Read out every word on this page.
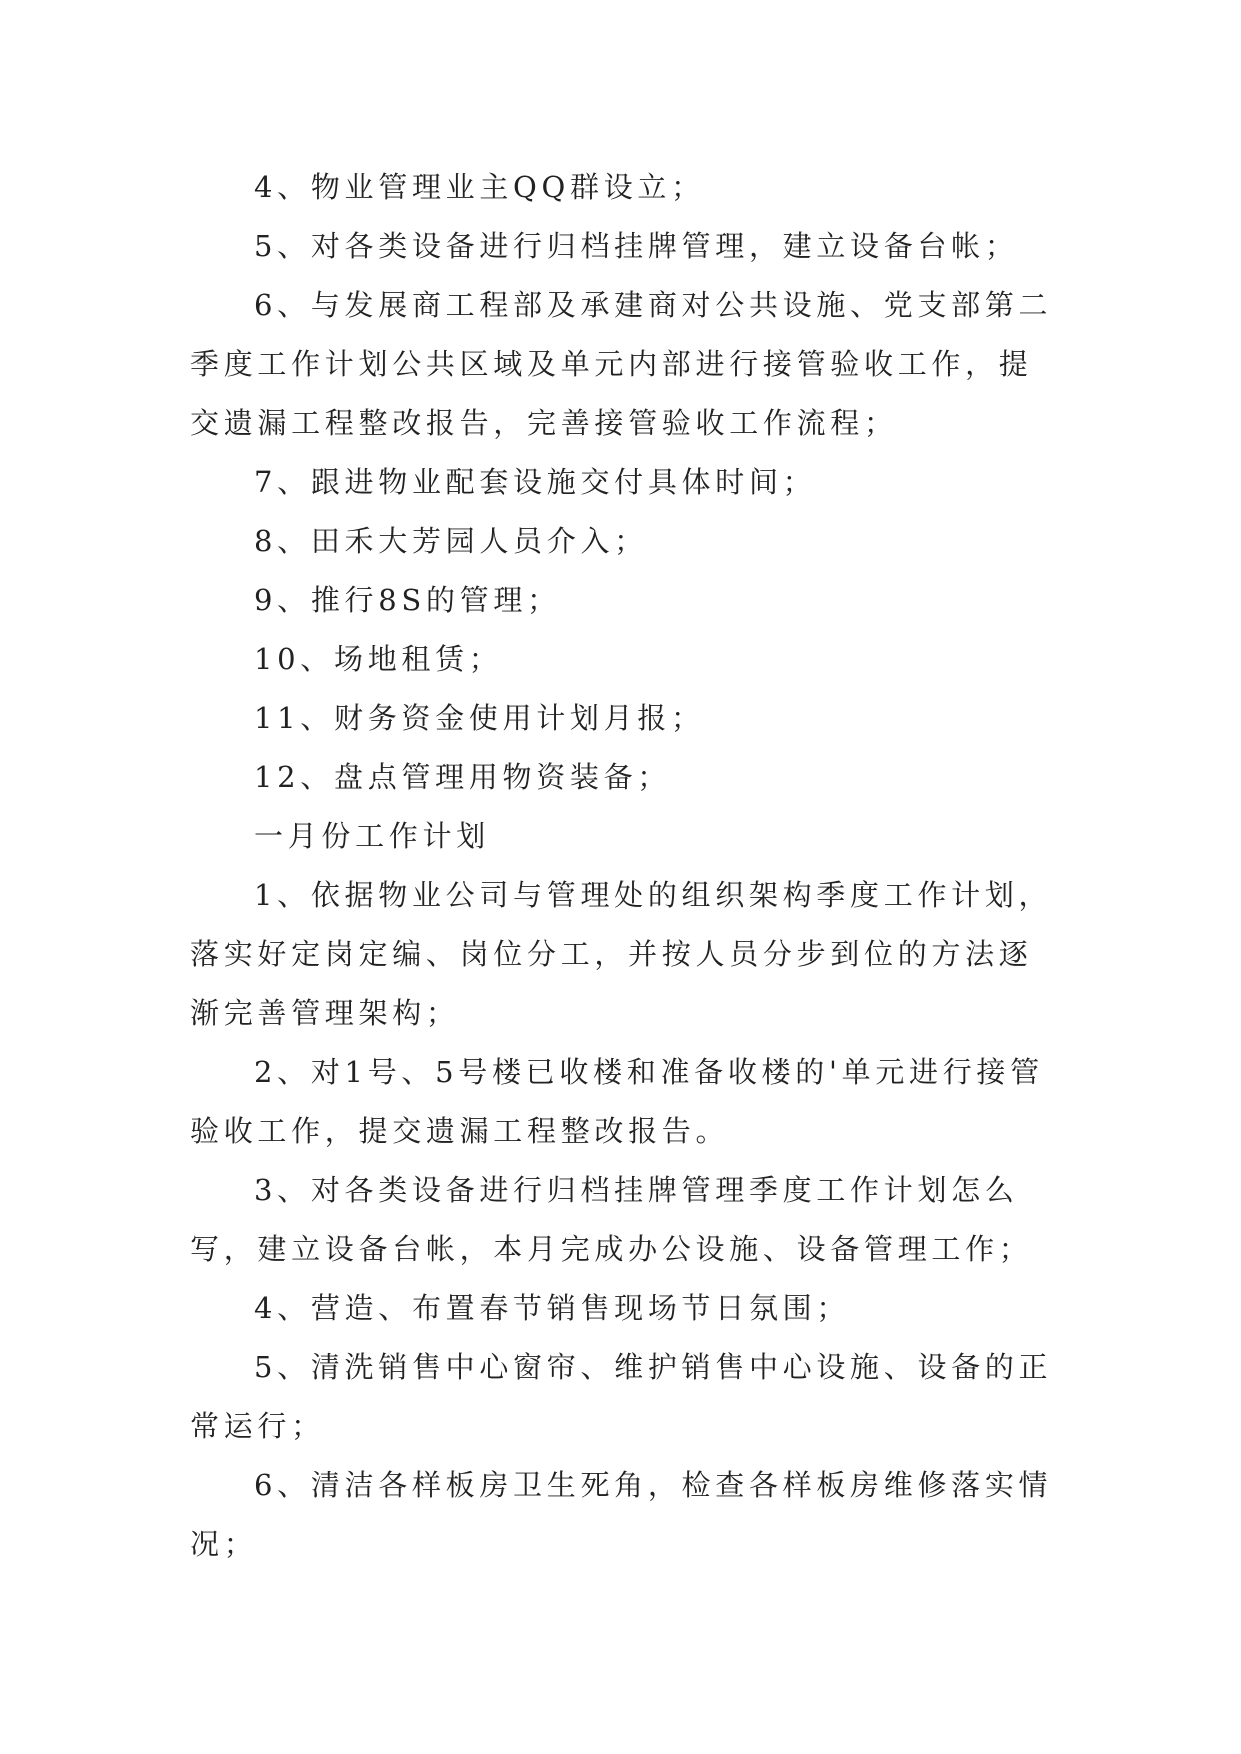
4、物业管理业主QQ群设立；

5、对各类设备进行归档挂牌管理，建立设备台帐；

6、与发展商工程部及承建商对公共设施、党支部第二季度工作计划公共区域及单元内部进行接管验收工作，提交遗漏工程整改报告，完善接管验收工作流程；

7、跟进物业配套设施交付具体时间；

8、田禾大芳园人员介入；

9、推行8S的管理；

10、场地租赁；

11、财务资金使用计划月报；

12、盘点管理用物资装备；

一月份工作计划

1、依据物业公司与管理处的组织架构季度工作计划，落实好定岗定编、岗位分工，并按人员分步到位的方法逐渐完善管理架构；

2、对1号、5号楼已收楼和准备收楼的'单元进行接管验收工作，提交遗漏工程整改报告。

3、对各类设备进行归档挂牌管理季度工作计划怎么写，建立设备台帐，本月完成办公设施、设备管理工作；

4、营造、布置春节销售现场节日氛围；

5、清洗销售中心窗帘、维护销售中心设施、设备的正常运行；

6、清洁各样板房卫生死角，检查各样板房维修落实情况；
